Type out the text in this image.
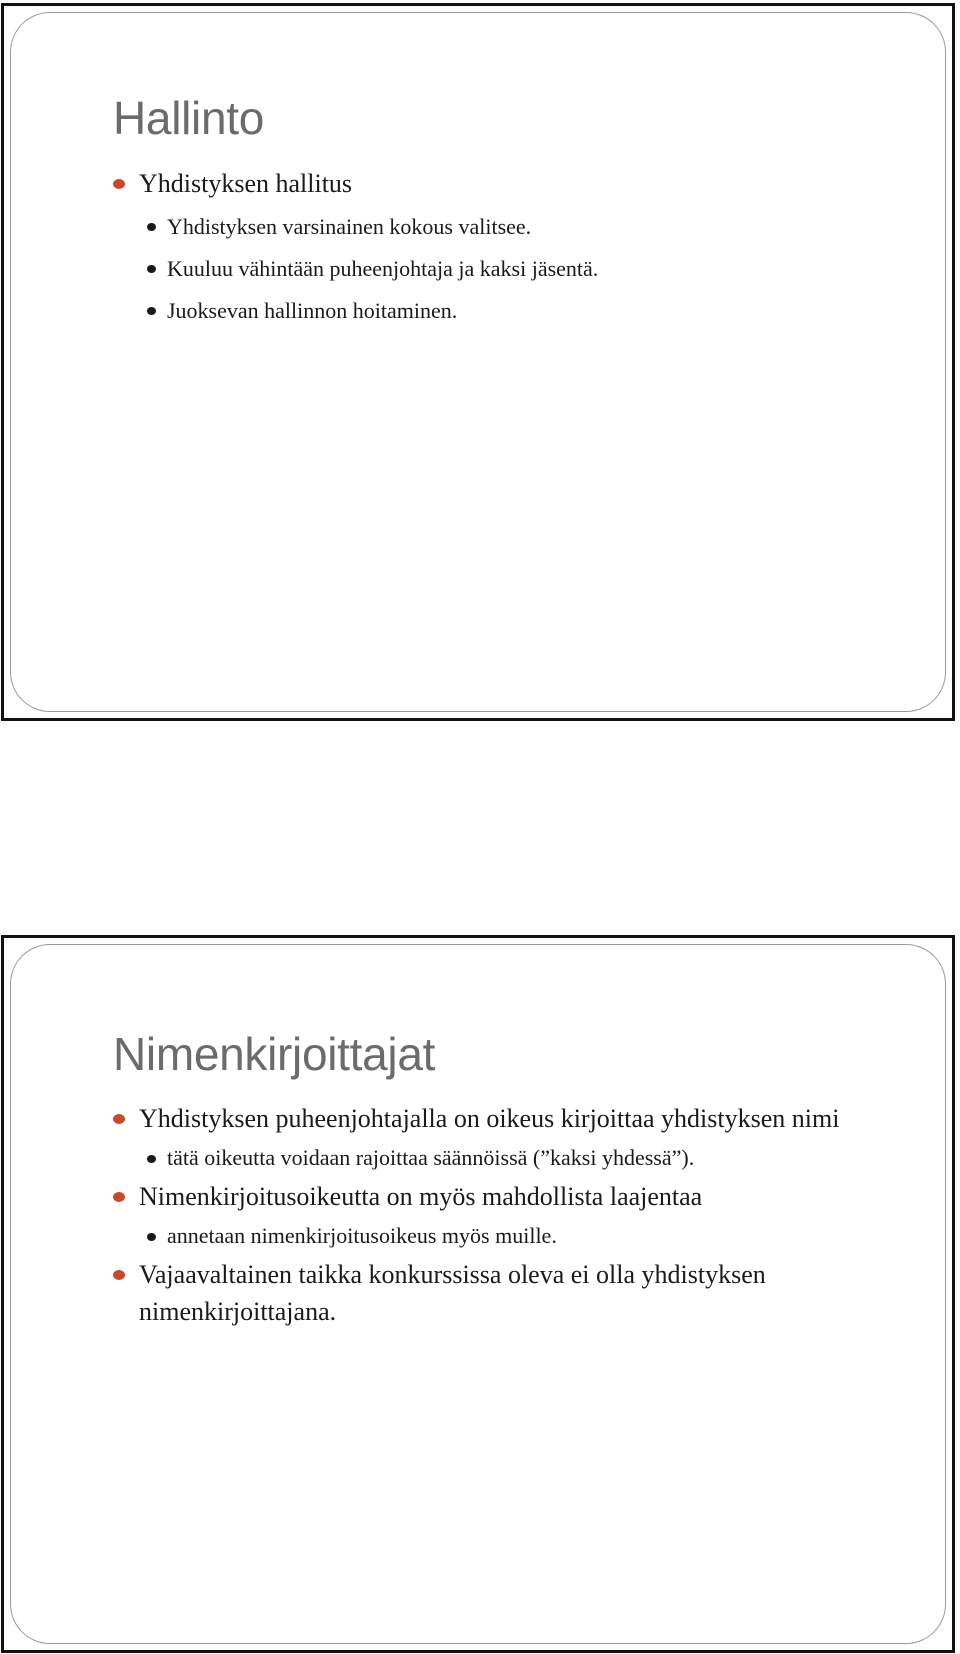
Hallinto
Yhdistyksen hallitus
Yhdistyksen varsinainen kokous valitsee.
Kuuluu vähintään puheenjohtaja ja kaksi jäsentä.
Juoksevan hallinnon hoitaminen.
Nimenkirjoittajat
Yhdistyksen puheenjohtajalla on oikeus kirjoittaa yhdistyksen nimi
tätä oikeutta voidaan rajoittaa säännöissä (”kaksi yhdessä”).
Nimenkirjoitusoikeutta on myös mahdollista laajentaa
annetaan nimenkirjoitusoikeus myös muille.
Vajaavaltainen taikka konkurssissa oleva ei olla yhdistyksen nimenkirjoittajana.
